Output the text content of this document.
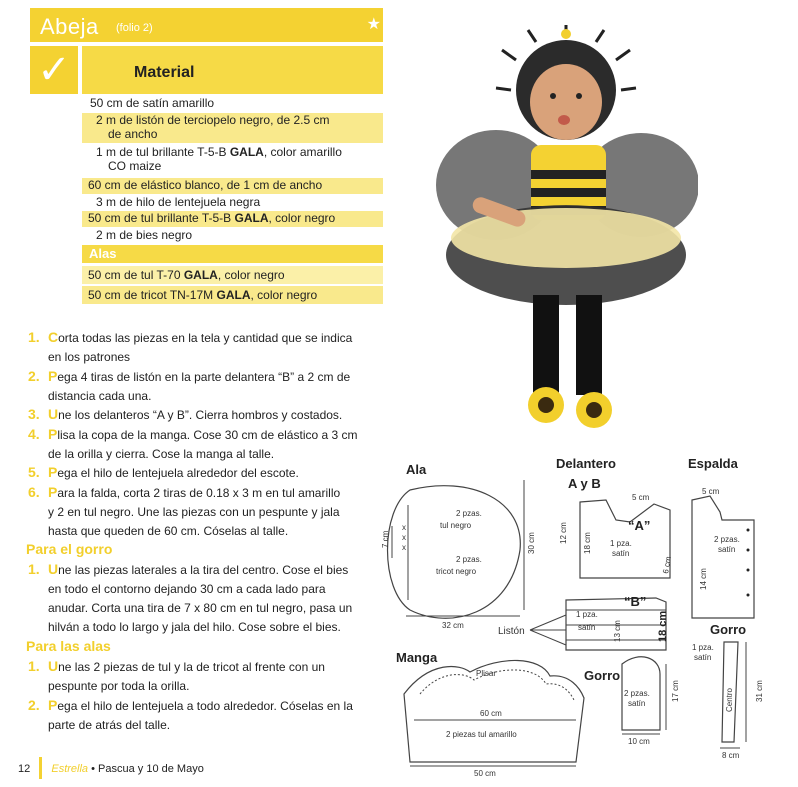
Abeja (folio 2)	★
✓	Material
50 cm de satín amarillo
2 m de listón de terciopelo negro, de 2.5 cm
de ancho
1 m de tul brillante T-5-B GALA, color amarillo
CO maize
60 cm de elástico blanco, de 1 cm de ancho
3 m de hilo de lentejuela negra
50 cm de tul brillante T-5-B GALA, color negro
2 m de bies negro
Alas
50 cm de tul T-70 GALA, color negro
50 cm de tricot TN-17M GALA, color negro
1. Corta todas las piezas en la tela y cantidad que se indica
en los patrones
2. Pega 4 tiras de listón en la parte delantera “B” a 2 cm de
distancia cada una.
3. Une los delanteros “A y B”. Cierra hombros y costados.
4. Plisa la copa de la manga. Cose 30 cm de elástico a 3 cm
de la orilla y cierra. Cose la manga al talle.
5. Pega el hilo de lentejuela alrededor del escote.
6. Para la falda, corta 2 tiras de 0.18 x 3 m en tul amarillo
y 2 en tul negro. Une las piezas con un pespunte y jala
hasta que queden de 60 cm. Cóselas al talle.
Para el gorro
1. Une las piezas laterales a la tira del centro. Cose el bies
en todo el contorno dejando 30 cm a cada lado para
anudar. Corta una tira de 7 x 80 cm en tul negro, pasa un
hilván a todo lo largo y jala del hilo. Cose sobre el bies.
Para las alas
1. Une las 2 piezas de tul y la de tricot al frente con un
pespunte por toda la orilla.
2. Pega el hilo de lentejuela a todo alrededor. Cóselas en la
parte de atrás del talle.
12 Estrella • Pascua y 10 de Mayo
Ala
2 pzas.
tul negro
2 pzas.
tricot negro
x
x
x
32 cm
30 cm
7 cm
Delantero
A y B
“A”
1 pza.
satín
5 cm
12 cm 18 cm
6 cm
“B”
1 pza.
satín 13 cm	18 cm
Listón
Espalda
5 cm
2 pzas.
satín
14 cm
Gorro
1 pza.
satín
Centro	31 cm
8 cm
Gorro
2 pzas.
satín
17 cm
10 cm
Manga
Plisar
60 cm
2 piezas tul amarillo
50 cm
